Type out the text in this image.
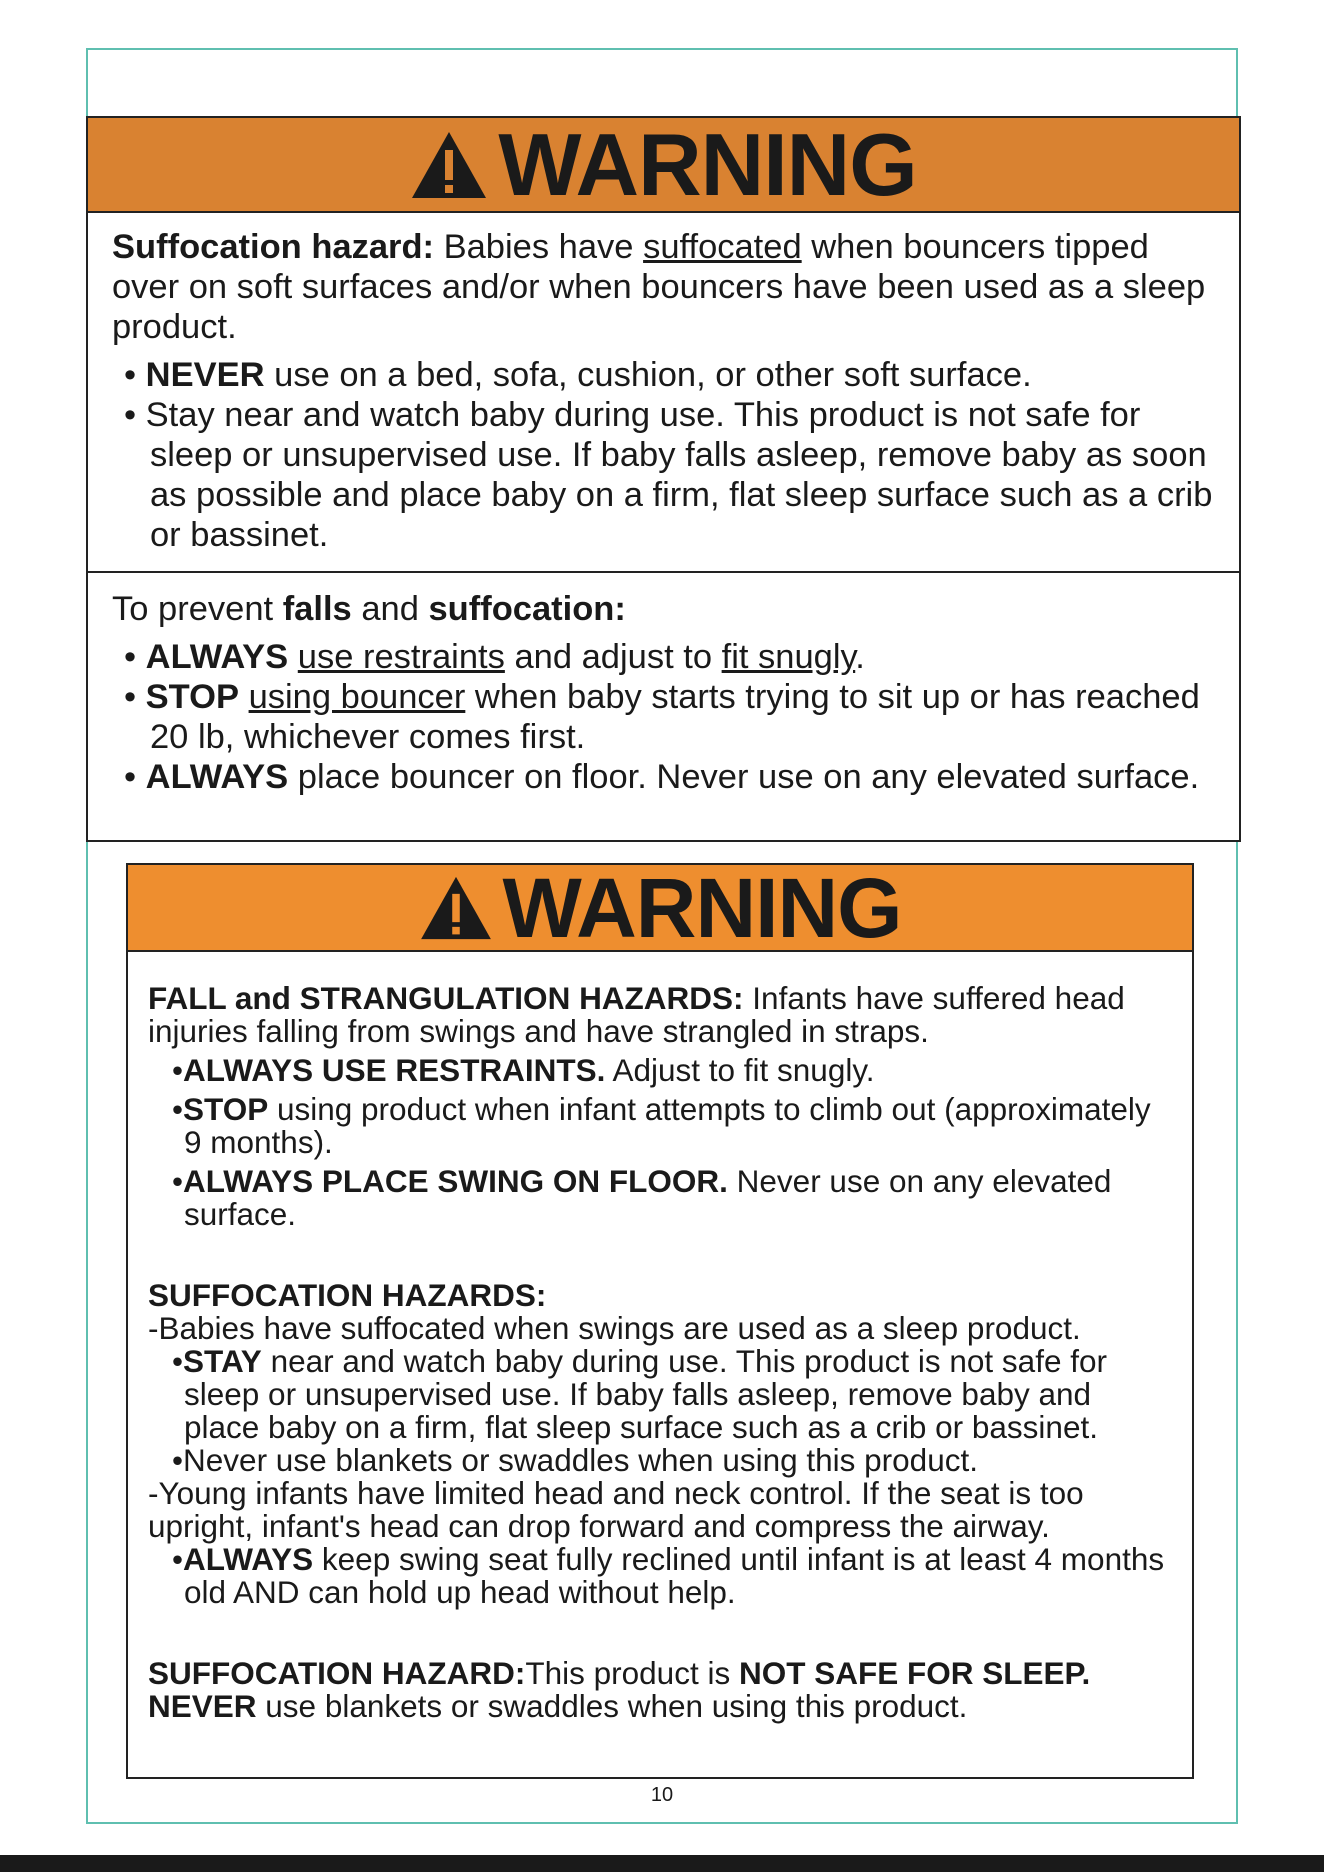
WARNING
Suffocation hazard: Babies have suffocated when bouncers tipped over on soft surfaces and/or when bouncers have been used as a sleep product.
• NEVER use on a bed, sofa, cushion, or other soft surface.
• Stay near and watch baby during use. This product is not safe for sleep or unsupervised use. If baby falls asleep, remove baby as soon as possible and place baby on a firm, flat sleep surface such as a crib or bassinet.
To prevent falls and suffocation:
• ALWAYS use restraints and adjust to fit snugly.
• STOP using bouncer when baby starts trying to sit up or has reached 20 lb, whichever comes first.
• ALWAYS place bouncer on floor. Never use on any elevated surface.
WARNING
FALL and STRANGULATION HAZARDS: Infants have suffered head injuries falling from swings and have strangled in straps.
•ALWAYS USE RESTRAINTS. Adjust to fit snugly.
•STOP using product when infant attempts to climb out (approximately 9 months).
•ALWAYS PLACE SWING ON FLOOR. Never use on any elevated surface.
SUFFOCATION HAZARDS:
-Babies have suffocated when swings are used as a sleep product.
•STAY near and watch baby during use. This product is not safe for sleep or unsupervised use. If baby falls asleep, remove baby and place baby on a firm, flat sleep surface such as a crib or bassinet.
•Never use blankets or swaddles when using this product.
-Young infants have limited head and neck control. If the seat is too upright, infant's head can drop forward and compress the airway.
•ALWAYS keep swing seat fully reclined until infant is at least 4 months old AND can hold up head without help.
SUFFOCATION HAZARD:This product is NOT SAFE FOR SLEEP.
NEVER use blankets or swaddles when using this product.
10
